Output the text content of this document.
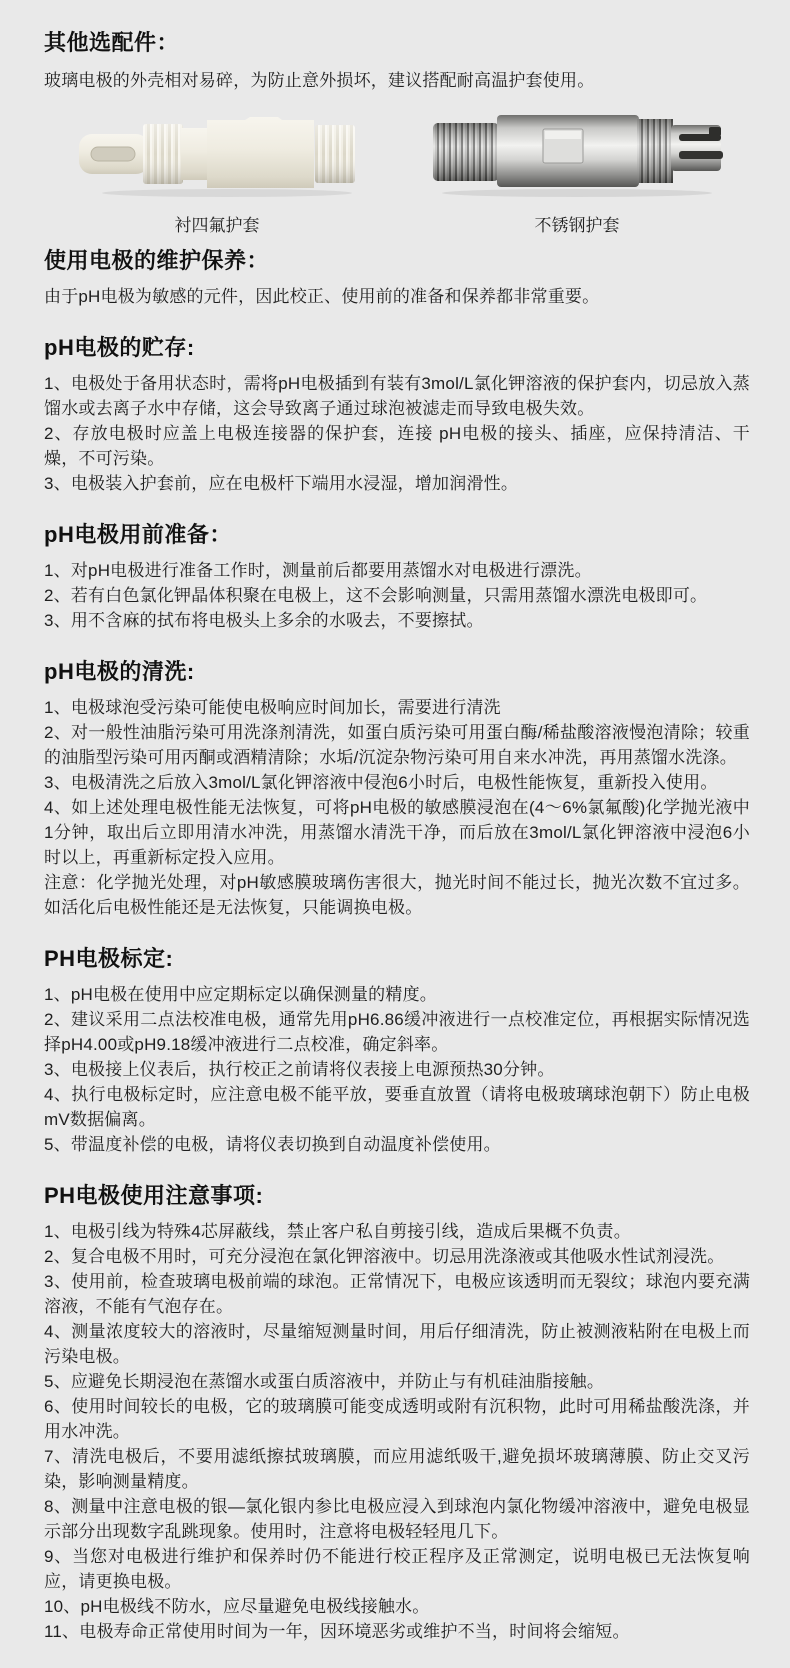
其他选配件：

玻璃电极的外壳相对易碎，为防止意外损坏，建议搭配耐高温护套使用。

衬四氟护套	不锈钢护套
使用电极的维护保养：

由于pH电极为敏感的元件，因此校正、使用前的准备和保养都非常重要。

pH电极的贮存:

1、电极处于备用状态时，需将pH电极插到有装有3mol/L氯化钾溶液的保护套内，切忌放入蒸馏水或去离子水中存储，这会导致离子通过球泡被滤走而导致电极失效。

2、存放电极时应盖上电极连接器的保护套，连接 pH电极的接头、插座，应保持清洁、干燥，不可污染。

3、电极装入护套前，应在电极杆下端用水浸湿，增加润滑性。

pH电极用前准备：

1、对pH电极进行准备工作时，测量前后都要用蒸馏水对电极进行漂洗。

2、若有白色氯化钾晶体积聚在电极上，这不会影响测量，只需用蒸馏水漂洗电极即可。

3、用不含麻的拭布将电极头上多余的水吸去，不要擦拭。

pH电极的清洗:

1、电极球泡受污染可能使电极响应时间加长，需要进行清洗

2、对一般性油脂污染可用洗涤剂清洗，如蛋白质污染可用蛋白酶/稀盐酸溶液慢泡清除；较重的油脂型污染可用丙酮或酒精清除；水垢/沉淀杂物污染可用自来水冲洗，再用蒸馏水洗涤。

3、电极清洗之后放入3mol/L氯化钾溶液中侵泡6小时后，电极性能恢复，重新投入使用。

4、如上述处理电极性能无法恢复，可将pH电极的敏感膜浸泡在(4～6%氯氟酸)化学抛光液中1分钟，取出后立即用清水冲洗，用蒸馏水清洗干净，而后放在3mol/L氯化钾溶液中浸泡6小时以上，再重新标定投入应用。

注意：化学抛光处理，对pH敏感膜玻璃伤害很大，抛光时间不能过长，抛光次数不宜过多。如活化后电极性能还是无法恢复，只能调换电极。

PH电极标定:

1、pH电极在使用中应定期标定以确保测量的精度。

2、建议采用二点法校准电极，通常先用pH6.86缓冲液进行一点校准定位，再根据实际情况选择pH4.00或pH9.18缓冲液进行二点校准，确定斜率。

3、电极接上仪表后，执行校正之前请将仪表接上电源预热30分钟。

4、执行电极标定时，应注意电极不能平放，要垂直放置（请将电极玻璃球泡朝下）防止电极mV数据偏离。

5、带温度补偿的电极，请将仪表切换到自动温度补偿使用。

PH电极使用注意事项:

1、电极引线为特殊4芯屏蔽线，禁止客户私自剪接引线，造成后果概不负责。

2、复合电极不用时，可充分浸泡在氯化钾溶液中。切忌用洗涤液或其他吸水性试剂浸洗。

3、使用前，检查玻璃电极前端的球泡。正常情况下，电极应该透明而无裂纹；球泡内要充满溶液，不能有气泡存在。

4、测量浓度较大的溶液时，尽量缩短测量时间，用后仔细清洗，防止被测液粘附在电极上而污染电极。

5、应避免长期浸泡在蒸馏水或蛋白质溶液中，并防止与有机硅油脂接触。

6、使用时间较长的电极，它的玻璃膜可能变成透明或附有沉积物，此时可用稀盐酸洗涤，并用水冲洗。

7、清洗电极后，不要用滤纸擦拭玻璃膜，而应用滤纸吸干,避免损坏玻璃薄膜、防止交叉污染，影响测量精度。

8、测量中注意电极的银—氯化银内参比电极应浸入到球泡内氯化物缓冲溶液中，避免电极显示部分出现数字乱跳现象。使用时，注意将电极轻轻甩几下。

9、当您对电极进行维护和保养时仍不能进行校正程序及正常测定，说明电极已无法恢复响应，请更换电极。

10、pH电极线不防水，应尽量避免电极线接触水。

11、电极寿命正常使用时间为一年，因环境恶劣或维护不当，时间将会缩短。
